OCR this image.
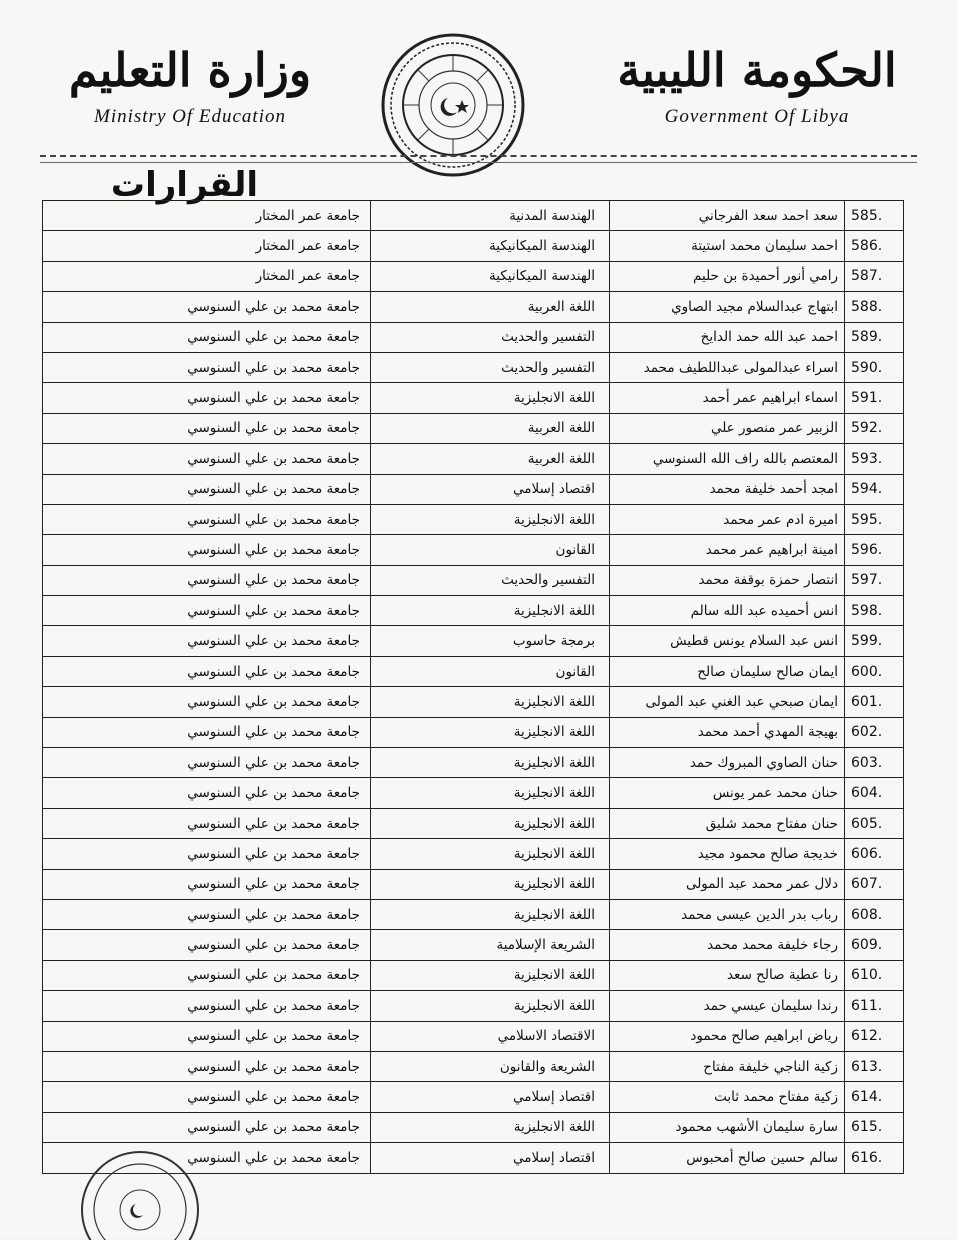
وزارة التعليم
Ministry Of Education
الحكومة الليبية
Government Of Libya
القرارات
585.	سعد احمد سعد الفرجاني	الهندسة المدنية	جامعة عمر المختار
586.	احمد سليمان محمد استيتة	الهندسة الميكانيكية	جامعة عمر المختار
587.	رامي أنور أحميدة بن حليم	الهندسة الميكانيكية	جامعة عمر المختار
588.	ابتهاج عبدالسلام مجيد الصاوي	اللغة العربية	جامعة محمد بن علي السنوسي
589.	احمد عبد الله حمد الدايخ	التفسير والحديث	جامعة محمد بن علي السنوسي
590.	اسراء عبدالمولى عبداللطيف محمد	التفسير والحديث	جامعة محمد بن علي السنوسي
591.	اسماء ابراهيم عمر أحمد	اللغة الانجليزية	جامعة محمد بن علي السنوسي
592.	الزبير عمر منصور علي	اللغة العربية	جامعة محمد بن علي السنوسي
593.	المعتصم بالله راف الله السنوسي	اللغة العربية	جامعة محمد بن علي السنوسي
594.	امجد أحمد خليفة محمد	اقتصاد إسلامي	جامعة محمد بن علي السنوسي
595.	اميرة ادم عمر محمد	اللغة الانجليزية	جامعة محمد بن علي السنوسي
596.	امينة ابراهيم عمر محمد	القانون	جامعة محمد بن علي السنوسي
597.	انتصار حمزة بوقفة محمد	التفسير والحديث	جامعة محمد بن علي السنوسي
598.	انس أحميده عبد الله سالم	اللغة الانجليزية	جامعة محمد بن علي السنوسي
599.	انس عبد السلام يونس قطيش	برمجة حاسوب	جامعة محمد بن علي السنوسي
600.	ايمان صالح سليمان صالح	القانون	جامعة محمد بن علي السنوسي
601.	ايمان صبحي عبد الغني عبد المولى	اللغة الانجليزية	جامعة محمد بن علي السنوسي
602.	بهيجة المهدي أحمد محمد	اللغة الانجليزية	جامعة محمد بن علي السنوسي
603.	حنان الصاوي المبروك حمد	اللغة الانجليزية	جامعة محمد بن علي السنوسي
604.	حنان محمد عمر يونس	اللغة الانجليزية	جامعة محمد بن علي السنوسي
605.	حنان مفتاح محمد شليق	اللغة الانجليزية	جامعة محمد بن علي السنوسي
606.	خديجة صالح محمود مجيد	اللغة الانجليزية	جامعة محمد بن علي السنوسي
607.	دلال عمر محمد عبد المولى	اللغة الانجليزية	جامعة محمد بن علي السنوسي
608.	رباب بدر الدين عيسى محمد	اللغة الانجليزية	جامعة محمد بن علي السنوسي
609.	رجاء خليفة محمد محمد	الشريعة الإسلامية	جامعة محمد بن علي السنوسي
610.	رنا عطية صالح سعد	اللغة الانجليزية	جامعة محمد بن علي السنوسي
611.	رندا سليمان عيسي حمد	اللغة الانجليزية	جامعة محمد بن علي السنوسي
612.	رياض ابراهيم صالح محمود	الاقتصاد الاسلامي	جامعة محمد بن علي السنوسي
613.	زكية الناجي خليفة مفتاح	الشريعة والقانون	جامعة محمد بن علي السنوسي
614.	زكية مفتاح محمد ثابت	اقتصاد إسلامي	جامعة محمد بن علي السنوسي
615.	سارة سليمان الأشهب محمود	اللغة الانجليزية	جامعة محمد بن علي السنوسي
616.	سالم حسين صالح أمحبوس	اقتصاد إسلامي	جامعة محمد بن علي السنوسي
